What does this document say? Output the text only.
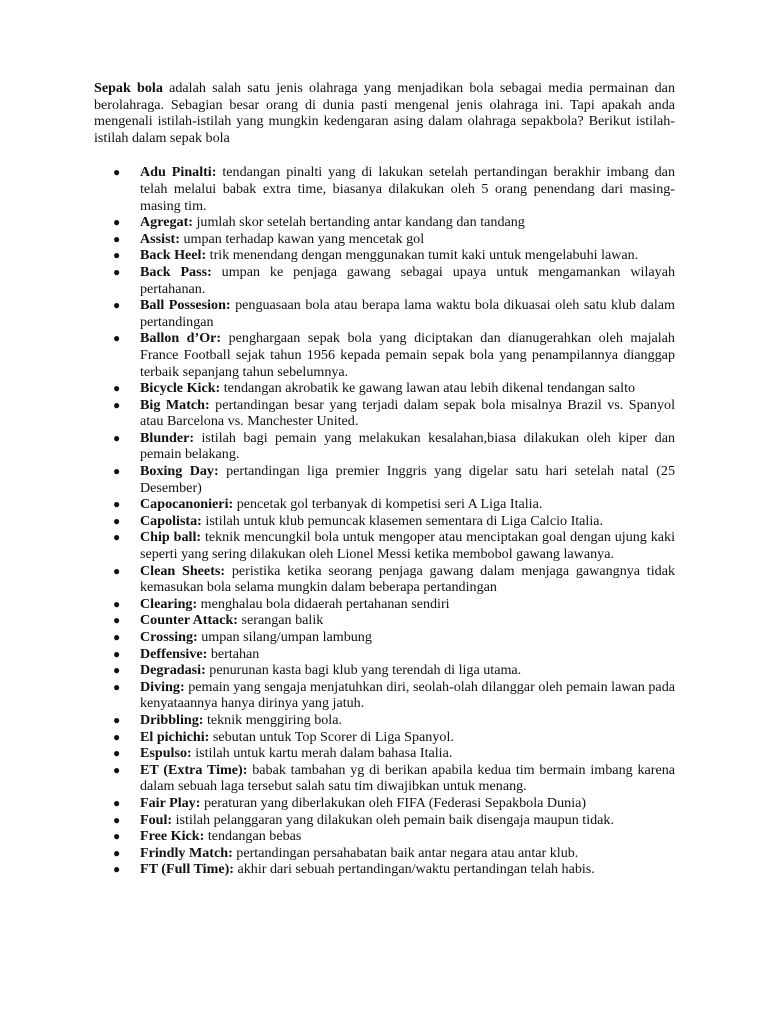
Sepak bola adalah salah satu jenis olahraga yang menjadikan bola sebagai media permainan dan berolahraga. Sebagian besar orang di dunia pasti mengenal jenis olahraga ini. Tapi apakah anda mengenali istilah-istilah yang mungkin kedengaran asing dalam olahraga sepakbola? Berikut istilah-istilah dalam sepak bola

● Adu Pinalti: tendangan pinalti yang di lakukan setelah pertandingan berakhir imbang dan telah melalui babak extra time, biasanya dilakukan oleh 5 orang penendang dari masing-masing tim.
● Agregat: jumlah skor setelah bertanding antar kandang dan tandang
● Assist: umpan terhadap kawan yang mencetak gol
● Back Heel: trik menendang dengan menggunakan tumit kaki untuk mengelabuhi lawan.
● Back Pass: umpan ke penjaga gawang sebagai upaya untuk mengamankan wilayah pertahanan.
● Ball Possesion: penguasaan bola atau berapa lama waktu bola dikuasai oleh satu klub dalam pertandingan
● Ballon d’Or: penghargaan sepak bola yang diciptakan dan dianugerahkan oleh majalah France Football sejak tahun 1956 kepada pemain sepak bola yang penampilannya dianggap terbaik sepanjang tahun sebelumnya.
● Bicycle Kick: tendangan akrobatik ke gawang lawan atau lebih dikenal tendangan salto
● Big Match: pertandingan besar yang terjadi dalam sepak bola misalnya Brazil vs. Spanyol atau Barcelona vs. Manchester United.
● Blunder: istilah bagi pemain yang melakukan kesalahan,biasa dilakukan oleh kiper dan pemain belakang.
● Boxing Day: pertandingan liga premier Inggris yang digelar satu hari setelah natal (25 Desember)
● Capocanonieri: pencetak gol terbanyak di kompetisi seri A Liga Italia.
● Capolista: istilah untuk klub pemuncak klasemen sementara di Liga Calcio Italia.
● Chip ball: teknik mencungkil bola untuk mengoper atau menciptakan goal dengan ujung kaki seperti yang sering dilakukan oleh Lionel Messi ketika membobol gawang lawanya.
● Clean Sheets: peristika ketika seorang penjaga gawang dalam menjaga gawangnya tidak kemasukan bola selama mungkin dalam beberapa pertandingan
● Clearing: menghalau bola didaerah pertahanan sendiri
● Counter Attack: serangan balik
● Crossing: umpan silang/umpan lambung
● Deffensive: bertahan
● Degradasi: penurunan kasta bagi klub yang terendah di liga utama.
● Diving: pemain yang sengaja menjatuhkan diri, seolah-olah dilanggar oleh pemain lawan pada kenyataannya hanya dirinya yang jatuh.
● Dribbling: teknik menggiring bola.
● El pichichi: sebutan untuk Top Scorer di Liga Spanyol.
● Espulso: istilah untuk kartu merah dalam bahasa Italia.
● ET (Extra Time): babak tambahan yg di berikan apabila kedua tim bermain imbang karena dalam sebuah laga tersebut salah satu tim diwajibkan untuk menang.
● Fair Play: peraturan yang diberlakukan oleh FIFA (Federasi Sepakbola Dunia)
● Foul: istilah pelanggaran yang dilakukan oleh pemain baik disengaja maupun tidak.
● Free Kick: tendangan bebas
● Frindly Match: pertandingan persahabatan baik antar negara atau antar klub.
● FT (Full Time): akhir dari sebuah pertandingan/waktu pertandingan telah habis.
